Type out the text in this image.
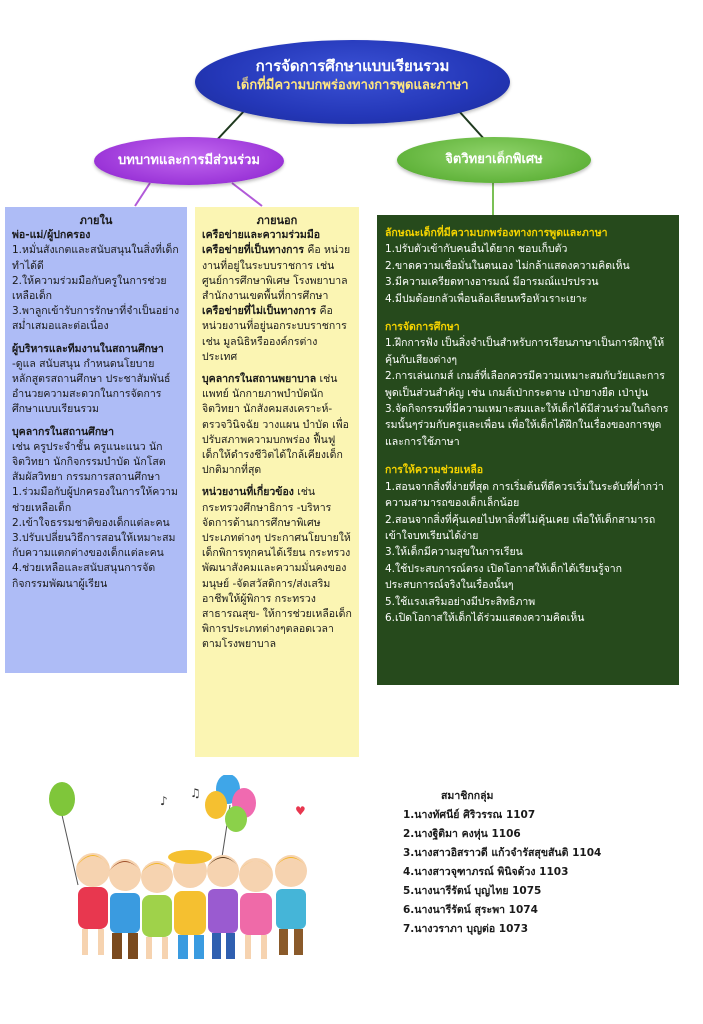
การจัดการศึกษาแบบเรียนรวม
เด็กที่มีความบกพร่องทางการพูดและภาษา
บทบาทและการมีส่วนร่วม	จิตวิทยาเด็กพิเศษ

ภายใน

พ่อ-แม่/ผู้ปกครอง

1.หมั่นสังเกตและสนับสนุนในสิ่งที่เด็กทำได้ดี

2.ให้ความร่วมมือกับครูในการช่วยเหลือเด็ก

3.พาลูกเข้ารับการรักษาที่จำเป็นอย่างสม่ำเสมอและต่อเนื่อง

ผู้บริหารและทีมงานในสถานศึกษา

-ดูแล สนับสนุน กำหนดนโยบาย หลักสูตรสถานศึกษา ประชาสัมพันธ์ อำนวยความสะดวกในการจัดการศึกษาแบบเรียนรวม

บุคลากรในสถานศึกษา

เช่น ครูประจำชั้น ครูแนะแนว นักจิตวิทยา นักกิจกรรมบำบัด นักโสตสัมผัสวิทยา กรรมการสถานศึกษา

1.ร่วมมือกับผู้ปกครองในการให้ความช่วยเหลือเด็ก

2.เข้าใจธรรมชาติของเด็กแต่ละคน

3.ปรับเปลี่ยนวิธีการสอนให้เหมาะสมกับความแตกต่างของเด็กแต่ละคน

4.ช่วยเหลือและสนับสนุนการจัดกิจกรรมพัฒนาผู้เรียน

ภายนอก

เครือข่ายและความร่วมมือ

เครือข่ายที่เป็นทางการ คือ หน่วยงานที่อยู่ในระบบราชการ เช่น ศูนย์การศึกษาพิเศษ โรงพยาบาล สำนักงานเขตพื้นที่การศึกษา

เครือข่ายที่ไม่เป็นทางการ คือ หน่วยงานที่อยู่นอกระบบราชการ เช่น มูลนิธิหรือองค์กรต่างประเทศ

บุคลากรในสถานพยาบาล เช่น แพทย์ นักกายภาพบำบัดนักจิตวิทยา นักสังคมสงเคราะห์-ตรวจวินิจฉัย วางแผน บำบัด เพื่อปรับสภาพความบกพร่อง ฟื้นฟูเด็กให้ดำรงชีวิตได้ใกล้เคียงเด็กปกติมากที่สุด

หน่วยงานที่เกี่ยวข้อง เช่น กระทรวงศึกษาธิการ -บริหารจัดการด้านการศึกษาพิเศษประเภทต่างๆ ประกาศนโยบายให้เด็กพิการทุกคนได้เรียน กระทรวงพัฒนาสังคมและความมั่นคงของมนุษย์ -จัดสวัสดิการ/ส่งเสริมอาชีพให้ผู้พิการ กระทรวงสาธารณสุข- ให้การช่วยเหลือเด็กพิการประเภทต่างๆตลอดเวลาตามโรงพยาบาล

ลักษณะเด็กที่มีความบกพร่องทางการพูดและภาษา

1.ปรับตัวเข้ากับคนอื่นได้ยาก ชอบเก็บตัว

2.ขาดความเชื่อมั่นในตนเอง ไม่กล้าแสดงความคิดเห็น

3.มีความเครียดทางอารมณ์ มีอารมณ์แปรปรวน

4.มีปมด้อยกลัวเพื่อนล้อเลียนหรือหัวเราะเยาะ

การจัดการศึกษา

1.ฝึกการฟัง เป็นสิ่งจำเป็นสำหรับการเรียนภาษาเป็นการฝึกหูให้คุ้นกับเสียงต่างๆ

2.การเล่นเกมส์ เกมส์ที่เลือกควรมีความเหมาะสมกับวัยและการพูดเป็นส่วนสำคัญ เช่น เกมส์เป่ากระดาษ เป่ายางยืด เป่าปูน

3.จัดกิจกรรมที่มีความเหมาะสมและให้เด็กได้มีส่วนร่วมในกิจกรรมนั้นๆร่วมกับครูและเพื่อน เพื่อให้เด็กได้ฝึกในเรื่องของการพูด และการใช้ภาษา

การให้ความช่วยเหลือ

1.สอนจากสิ่งที่ง่ายที่สุด การเริ่มต้นที่ดีควรเริ่มในระดับที่ต่ำกว่าความสามารถของเด็กเล็กน้อย

2.สอนจากสิ่งที่คุ้นเคยไปหาสิ่งที่ไม่คุ้นเคย เพื่อให้เด็กสามารถเข้าใจบทเรียนได้ง่าย

3.ให้เด็กมีความสุขในการเรียน

4.ใช้ประสบการณ์ตรง เปิดโอกาสให้เด็กได้เรียนรู้จากประสบการณ์จริงในเรื่องนั้นๆ

5.ใช้แรงเสริมอย่างมีประสิทธิภาพ

6.เปิดโอกาสให้เด็กได้ร่วมแสดงความคิดเห็น

♥
♪
♫	สมาชิกกลุ่ม

1.นางทัศนีย์ ศิริวรรณ 1107

2.นางฐิติมา คงหุ่น 1106

3.นางสาวอิสราวดี แก้วจำรัสสุขสันติ 1104

4.นางสาวจุฑาภรณ์ พินิจด้วง 1103

5.นางนารีรัตน์ บุญไทย 1075

6.นางนารีรัตน์ สุระพา 1074

7.นางวราภา บุญต่อ 1073
